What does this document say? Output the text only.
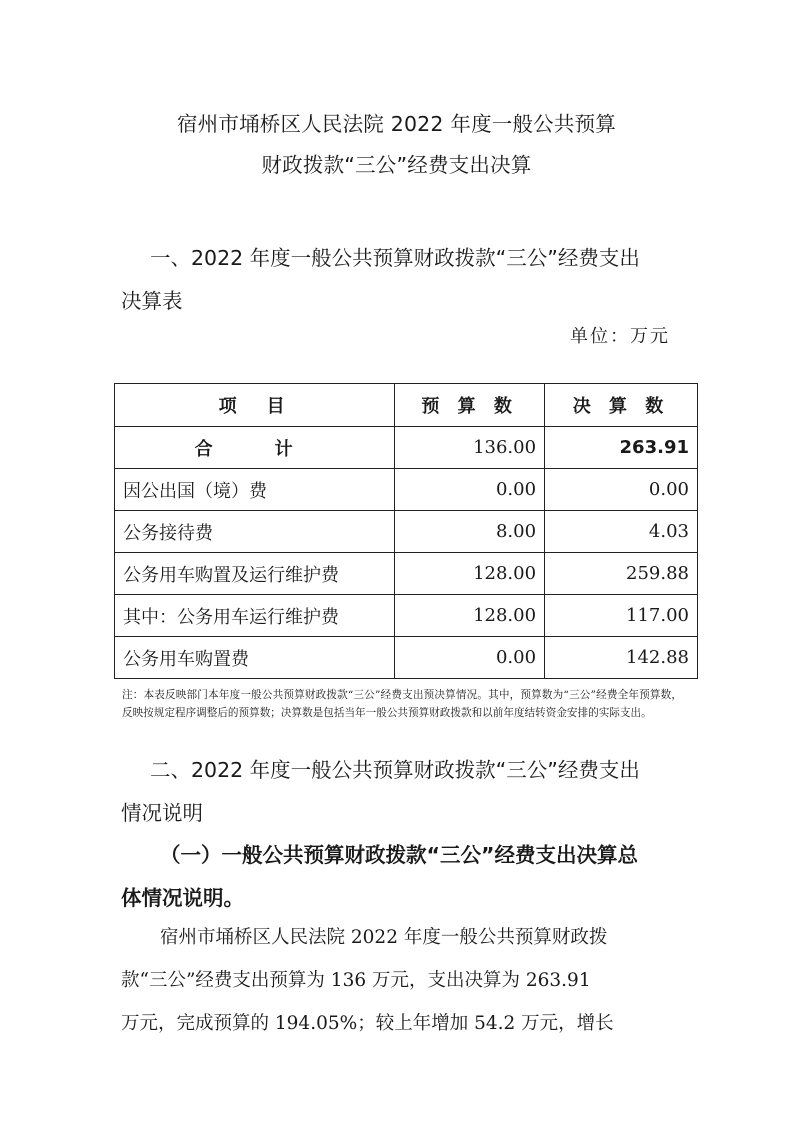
宿州市埇桥区人民法院 2022 年度一般公共预算
财政拨款“三公”经费支出决算
一、2022 年度一般公共预算财政拨款“三公”经费支出
决算表
单位：万元
项　目	预 算 数	决 算 数
合　计	136.00	263.91
因公出国（境）费	0.00	0.00
公务接待费	8.00	4.03
公务用车购置及运行维护费	128.00	259.88
其中：公务用车运行维护费	128.00	117.00
公务用车购置费	0.00	142.88
注：本表反映部门本年度一般公共预算财政拨款“三公”经费支出预决算情况。其中，预算数为“三公”经费全年预算数，反映按规定程序调整后的预算数；决算数是包括当年一般公共预算财政拨款和以前年度结转资金安排的实际支出。
二、2022 年度一般公共预算财政拨款“三公”经费支出
情况说明
（一）一般公共预算财政拨款“三公”经费支出决算总
体情况说明。
宿州市埇桥区人民法院 2022 年度一般公共预算财政拨
款“三公”经费支出预算为 136 万元，支出决算为 263.91
万元，完成预算的 194.05%；较上年增加 54.2 万元，增长
